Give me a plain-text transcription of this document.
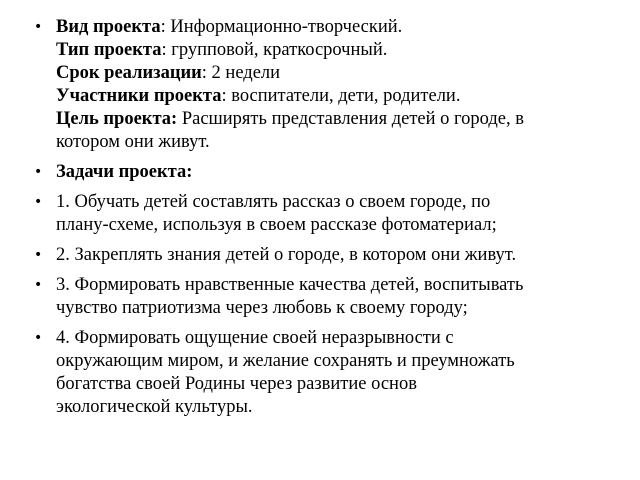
• Вид проекта: Информационно-творческий.
Тип проекта: групповой, краткосрочный.
Срок реализации: 2 недели
Участники проекта: воспитатели, дети, родители.
Цель проекта: Расширять представления детей о городе, в
котором они живут.
• Задачи проекта:
• 1. Обучать детей составлять рассказ о своем городе, по
плану-схеме, используя в своем рассказе фотоматериал;
• 2. Закреплять знания детей о городе, в котором они живут.
• 3. Формировать нравственные качества детей, воспитывать
чувство патриотизма через любовь к своему городу;
• 4. Формировать ощущение своей неразрывности с
окружающим миром, и желание сохранять и преумножать
богатства своей Родины через развитие основ
экологической культуры.
